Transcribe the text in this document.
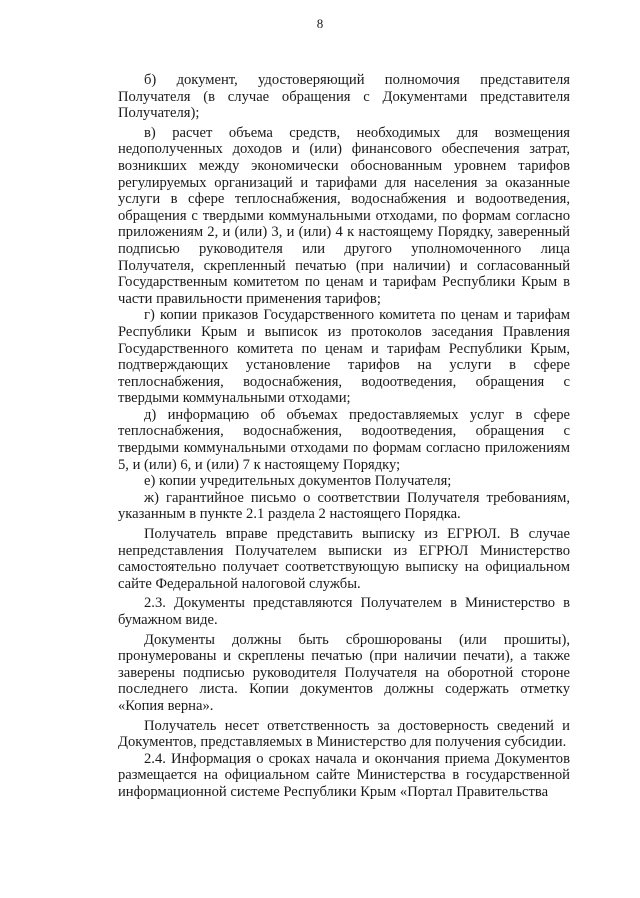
8

б) документ, удостоверяющий полномочия представителя Получателя (в случае обращения с Документами представителя Получателя);

в) расчет объема средств, необходимых для возмещения недополученных доходов и (или) финансового обеспечения затрат, возникших между экономически обоснованным уровнем тарифов регулируемых организаций и тарифами для населения за оказанные услуги в сфере теплоснабжения, водоснабжения и водоотведения, обращения с твердыми коммунальными отходами, по формам согласно приложениям 2, и (или) 3, и (или) 4 к настоящему Порядку, заверенный подписью руководителя или другого уполномоченного лица Получателя, скрепленный печатью (при наличии) и согласованный Государственным комитетом по ценам и тарифам Республики Крым в части правильности применения тарифов;

г) копии приказов Государственного комитета по ценам и тарифам Республики Крым и выписок из протоколов заседания Правления Государственного комитета по ценам и тарифам Республики Крым, подтверждающих установление тарифов на услуги в сфере теплоснабжения, водоснабжения, водоотведения, обращения с твердыми коммунальными отходами;

д) информацию об объемах предоставляемых услуг в сфере теплоснабжения, водоснабжения, водоотведения, обращения с твердыми коммунальными отходами по формам согласно приложениям 5, и (или) 6, и (или) 7 к настоящему Порядку;

е) копии учредительных документов Получателя;

ж) гарантийное письмо о соответствии Получателя требованиям, указанным в пункте 2.1 раздела 2 настоящего Порядка.

Получатель вправе представить выписку из ЕГРЮЛ. В случае непредставления Получателем выписки из ЕГРЮЛ Министерство самостоятельно получает соответствующую выписку на официальном сайте Федеральной налоговой службы.

2.3. Документы представляются Получателем в Министерство в бумажном виде.

Документы должны быть сброшюрованы (или прошиты), пронумерованы и скреплены печатью (при наличии печати), а также заверены подписью руководителя Получателя на оборотной стороне последнего листа. Копии документов должны содержать отметку «Копия верна».

Получатель несет ответственность за достоверность сведений и Документов, представляемых в Министерство для получения субсидии.

2.4. Информация о сроках начала и окончания приема Документов размещается на официальном сайте Министерства в государственной информационной системе Республики Крым «Портал Правительства
